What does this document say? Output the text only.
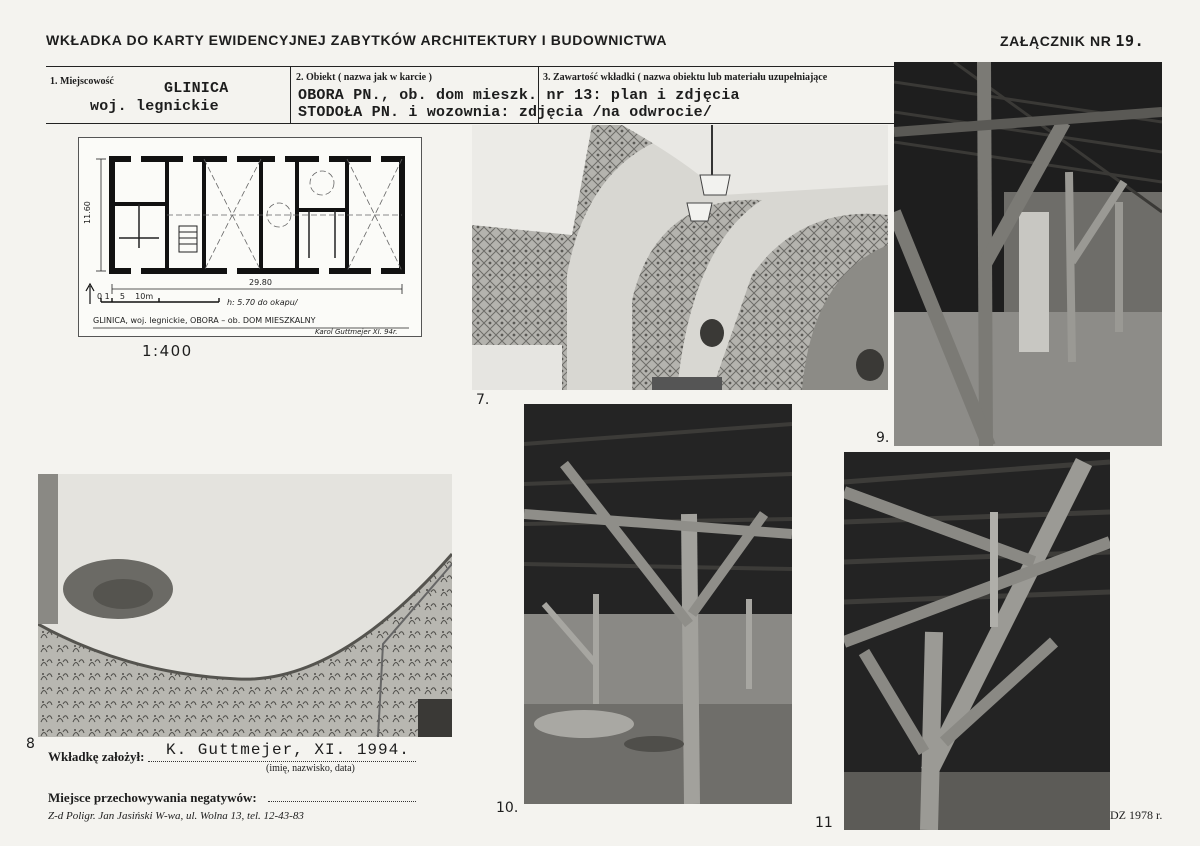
WKŁADKA DO KARTY EWIDENCYJNEJ ZABYTKÓW ARCHITEKTURY I BUDOWNICTWA	ZAŁĄCZNIK NR 19.
1. Miejscowość	GLINICA
woj. legnickie
2. Obiekt ( nazwa jak w karcie )
OBORA PN., ob. dom mieszk. nr 13: plan i zdjęcia
STODOŁA PN. i wozownia: zdjęcia /na odwrocie/
3. Zawartość wkładki ( nazwa obiektu lub materiału uzupełniające
29.80
11.60
0 1    5    10m
h: 5.70 do okapu/
GLINICA, woj. legnickie, OBORA – ob. DOM MIESZKALNY
Karol Guttmejer XI. 94r.
1:400
7.
9.
8
10.
11
Wkładkę założył: K. Guttmejer, XI. 1994.
(imię, nazwisko, data)
Miejsce przechowywania negatywów:
Z-d Poligr. Jan Jasiński W-wa, ul. Wolna 13, tel. 12-43-83	DZ 1978 r.
